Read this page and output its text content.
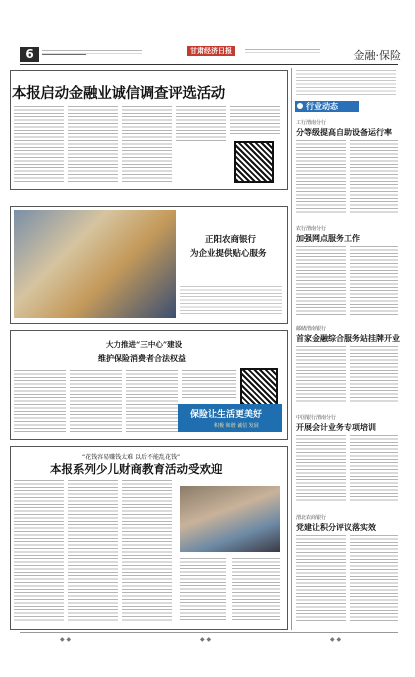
6	甘肃经济日报	金融·保险
本报启动金融业诚信调查评选活动
正阳农商银行
为企业提供贴心服务
大力推进“三中心”建设
维护保险消费者合法权益
保险让生活更美好
积极 和谐 诚信 发展
“花钱容易赚钱太难 以后不能乱花钱”
本报系列少儿财商教育活动受欢迎
行业动态
工行渭南分行
分等级提高自助设备运行率
农行渭南分行
加强网点服务工作
邮储渭南银行
首家金融综合服务站挂牌开业
中国银行渭南分行
开展会计业务专项培训
渭北农商银行
党建让积分评议落实效
◆ ◆	◆ ◆	◆ ◆
